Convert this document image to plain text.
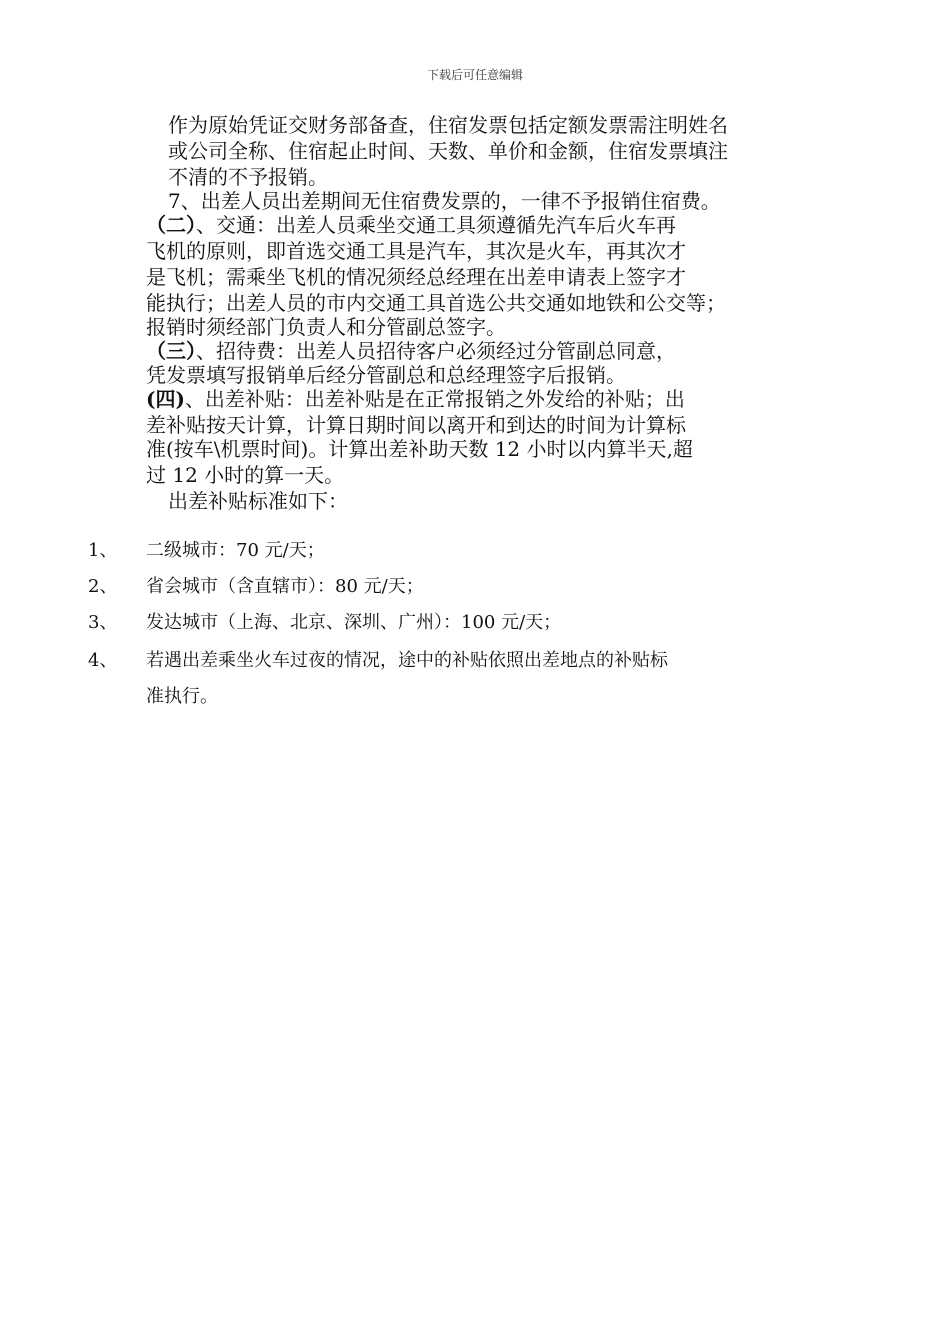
下载后可任意编辑
作为原始凭证交财务部备查，住宿发票包括定额发票需注明姓名
或公司全称、住宿起止时间、天数、单价和金额，住宿发票填注
不清的不予报销。
7、出差人员出差期间无住宿费发票的，一律不予报销住宿费。
（二）、交通：出差人员乘坐交通工具须遵循先汽车后火车再
飞机的原则，即首选交通工具是汽车，其次是火车，再其次才
是飞机；需乘坐飞机的情况须经总经理在出差申请表上签字才
能执行；出差人员的市内交通工具首选公共交通如地铁和公交等；
报销时须经部门负责人和分管副总签字。
（三）、招待费：出差人员招待客户必须经过分管副总同意，
凭发票填写报销单后经分管副总和总经理签字后报销。
(四)、出差补贴：出差补贴是在正常报销之外发给的补贴；出
差补贴按天计算，计算日期时间以离开和到达的时间为计算标
准(按车\机票时间)。计算出差补助天数 12 小时以内算半天,超
过 12 小时的算一天。
出差补贴标准如下：
1、 二级城市：70 元/天；
2、 省会城市（含直辖市）：80 元/天；
3、 发达城市（上海、北京、深圳、广州）：100 元/天；
4、 若遇出差乘坐火车过夜的情况，途中的补贴依照出差地点的补贴标
准执行。
